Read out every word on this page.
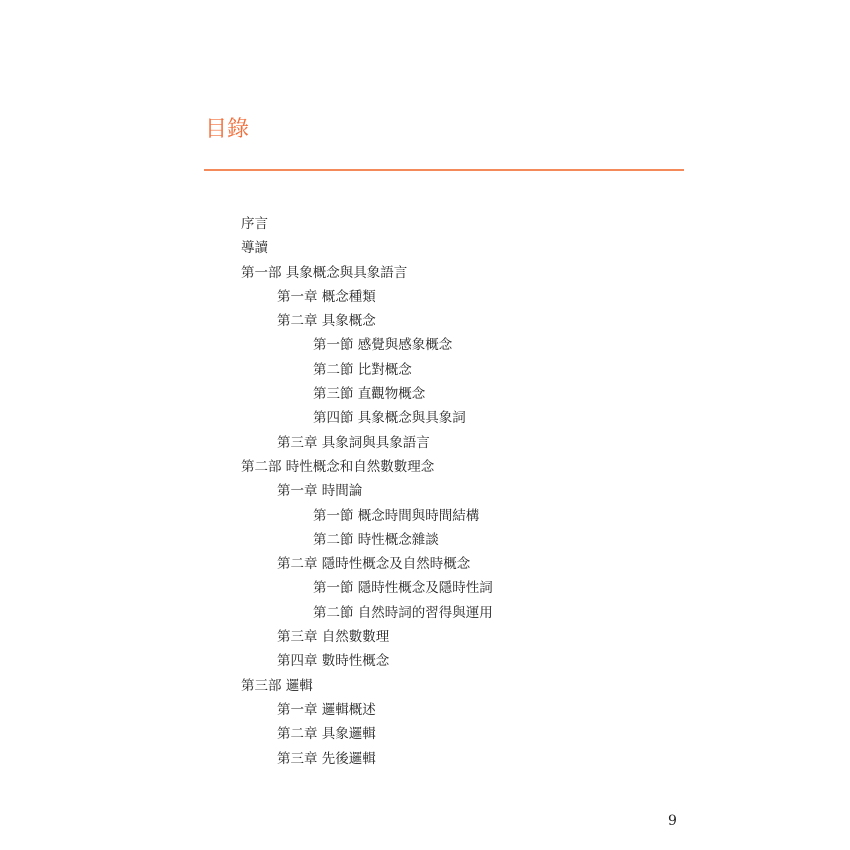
目錄
序言
導讀
第一部 具象概念與具象語言
第一章 概念種類
第二章 具象概念
第一節 感覺與感象概念
第二節 比對概念
第三節 直觀物概念
第四節 具象概念與具象詞
第三章 具象詞與具象語言
第二部 時性概念和自然數數理念
第一章 時間論
第一節 概念時間與時間結構
第二節 時性概念雜談
第二章 隱時性概念及自然時概念
第一節 隱時性概念及隱時性詞
第二節 自然時詞的習得與運用
第三章 自然數數理
第四章 數時性概念
第三部 邏輯
第一章 邏輯概述
第二章 具象邏輯
第三章 先後邏輯
9
